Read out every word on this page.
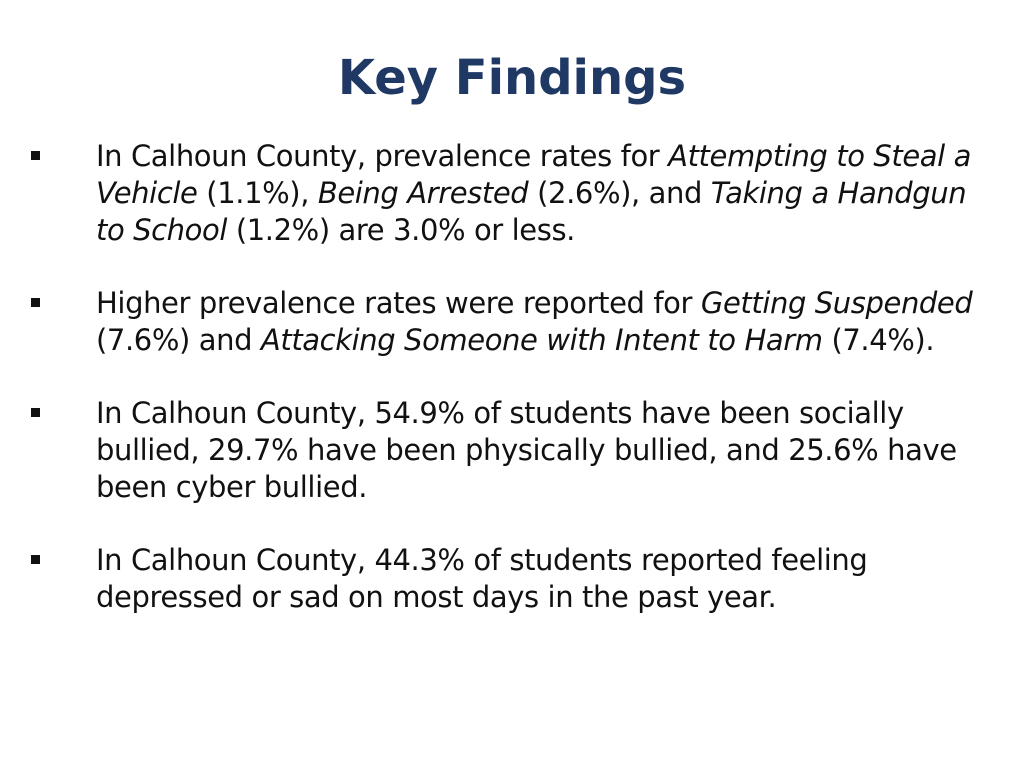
Key Findings
In Calhoun County, prevalence rates for Attempting to Steal a Vehicle (1.1%), Being Arrested (2.6%), and Taking a Handgun to School (1.2%) are 3.0% or less.
Higher prevalence rates were reported for Getting Suspended (7.6%) and Attacking Someone with Intent to Harm (7.4%).
In Calhoun County, 54.9% of students have been socially bullied, 29.7% have been physically bullied, and 25.6% have been cyber bullied.
In Calhoun County, 44.3% of students reported feeling depressed or sad on most days in the past year.
